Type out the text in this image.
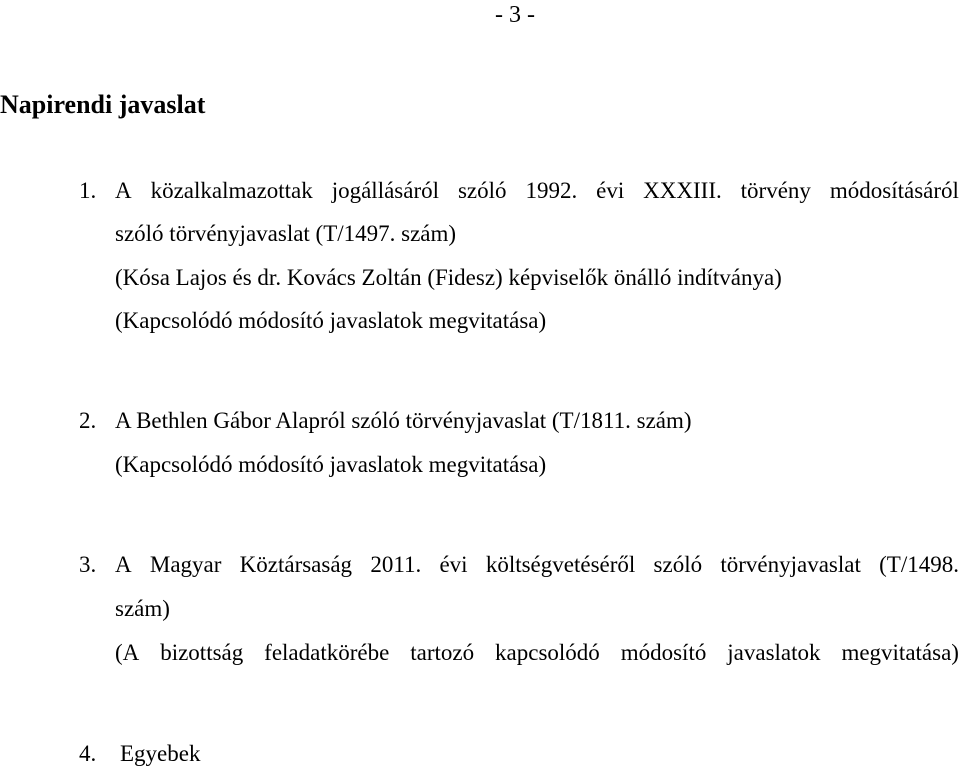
- 3 -
Napirendi javaslat
1. A közalkalmazottak jogállásáról szóló 1992. évi XXXIII. törvény módosításáról
szóló törvényjavaslat (T/1497. szám)
(Kósa Lajos és dr. Kovács Zoltán (Fidesz) képviselők önálló indítványa)
(Kapcsolódó módosító javaslatok megvitatása)
2. A Bethlen Gábor Alapról szóló törvényjavaslat (T/1811. szám)
(Kapcsolódó módosító javaslatok megvitatása)
3. A Magyar Köztársaság 2011. évi költségvetéséről szóló törvényjavaslat (T/1498.
szám)
(A bizottság feladatkörébe tartozó kapcsolódó módosító javaslatok megvitatása)
4. Egyebek
